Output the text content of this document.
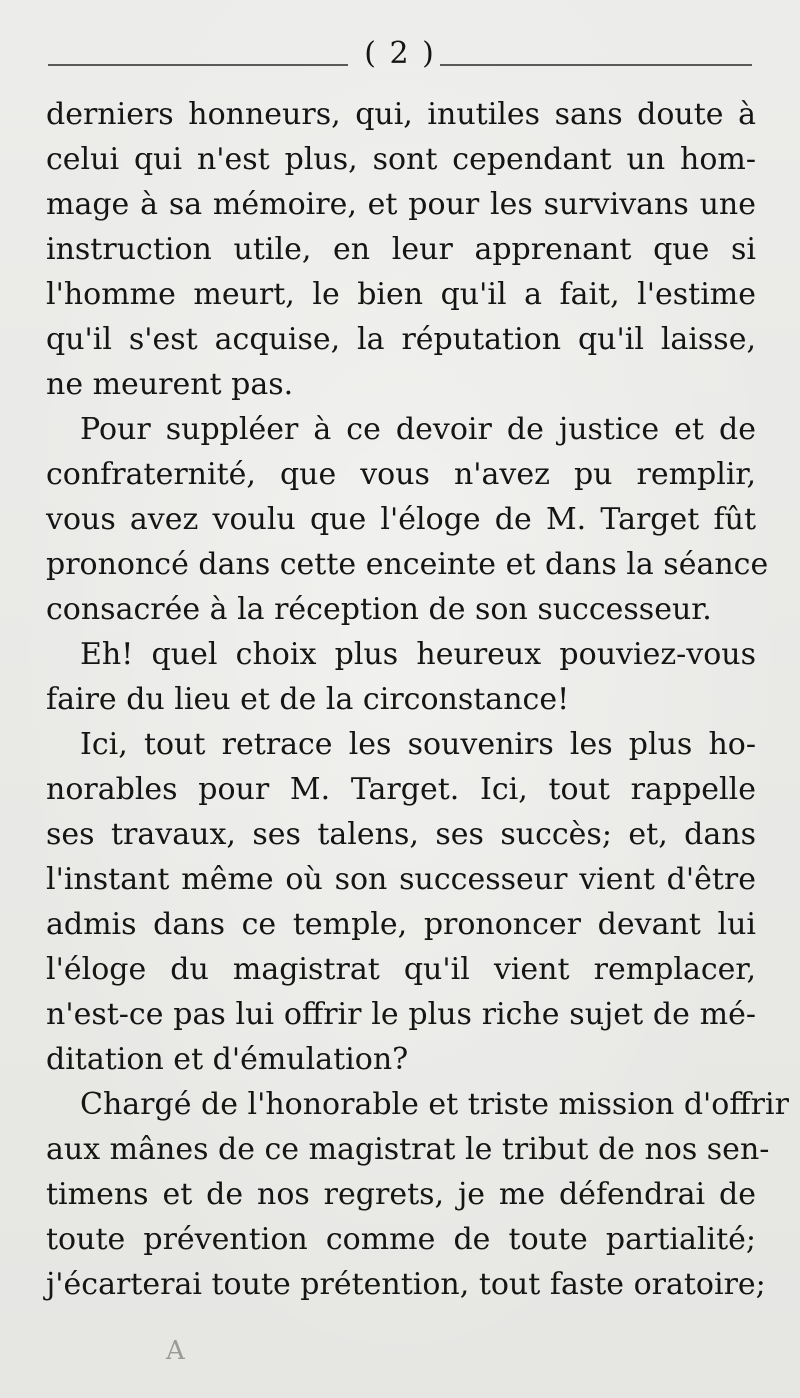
( 2 )
derniers honneurs, qui, inutiles sans doute à
celui qui n'est plus, sont cependant un hom-
mage à sa mémoire, et pour les survivans une
instruction utile, en leur apprenant que si
l'homme meurt, le bien qu'il a fait, l'estime
qu'il s'est acquise, la réputation qu'il laisse,
ne meurent pas.
Pour suppléer à ce devoir de justice et de
confraternité, que vous n'avez pu remplir,
vous avez voulu que l'éloge de M. Target fût
prononcé dans cette enceinte et dans la séance
consacrée à la réception de son successeur.
Eh! quel choix plus heureux pouviez-vous
faire du lieu et de la circonstance!
Ici, tout retrace les souvenirs les plus ho-
norables pour M. Target. Ici, tout rappelle
ses travaux, ses talens, ses succès; et, dans
l'instant même où son successeur vient d'être
admis dans ce temple, prononcer devant lui
l'éloge du magistrat qu'il vient remplacer,
n'est-ce pas lui offrir le plus riche sujet de mé-
ditation et d'émulation?
Chargé de l'honorable et triste mission d'offrir
aux mânes de ce magistrat le tribut de nos sen-
timens et de nos regrets, je me défendrai de
toute prévention comme de toute partialité;
j'écarterai toute prétention, tout faste oratoire;
A
